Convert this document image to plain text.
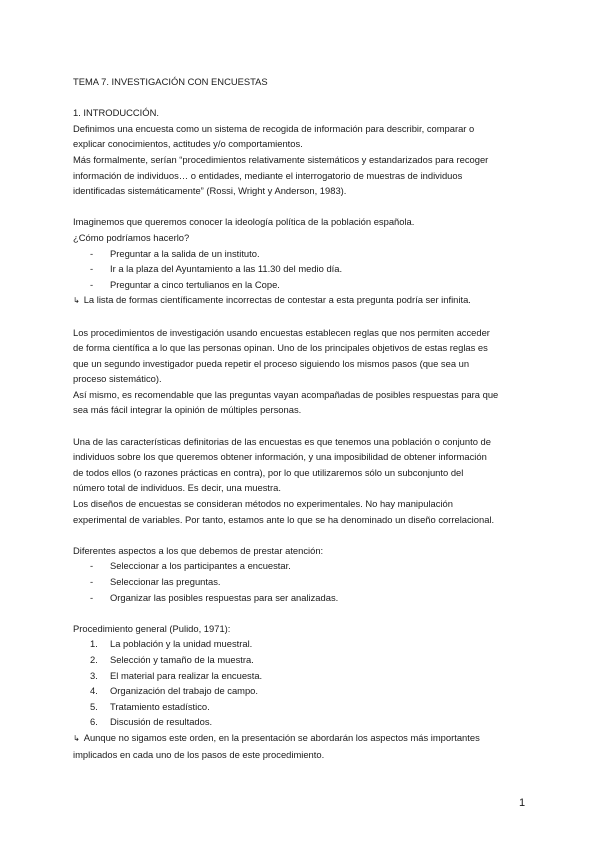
TEMA 7. INVESTIGACIÓN CON ENCUESTAS

1. INTRODUCCIÓN.

Definimos una encuesta como un sistema de recogida de información para describir, comparar o

explicar conocimientos, actitudes y/o comportamientos.

Más formalmente, serían “procedimientos relativamente sistemáticos y estandarizados para recoger

información de individuos… o entidades, mediante el interrogatorio de muestras de individuos

identificadas sistemáticamente” (Rossi, Wright y Anderson, 1983).

Imaginemos que queremos conocer la ideología política de la población española.

¿Cómo podríamos hacerlo?

- Preguntar a la salida de un instituto.
- Ir a la plaza del Ayuntamiento a las 11.30 del medio día.
- Preguntar a cinco tertulianos en la Cope.

↳ La lista de formas científicamente incorrectas de contestar a esta pregunta podría ser infinita.

Los procedimientos de investigación usando encuestas establecen reglas que nos permiten acceder

de forma científica a lo que las personas opinan. Uno de los principales objetivos de estas reglas es

que un segundo investigador pueda repetir el proceso siguiendo los mismos pasos (que sea un

proceso sistemático).

Así mismo, es recomendable que las preguntas vayan acompañadas de posibles respuestas para que

sea más fácil integrar la opinión de múltiples personas.

Una de las características definitorias de las encuestas es que tenemos una población o conjunto de

individuos sobre los que queremos obtener información, y una imposibilidad de obtener información

de todos ellos (o razones prácticas en contra), por lo que utilizaremos sólo un subconjunto del

número total de individuos. Es decir, una muestra.

Los diseños de encuestas se consideran métodos no experimentales. No hay manipulación

experimental de variables. Por tanto, estamos ante lo que se ha denominado un diseño correlacional.

Diferentes aspectos a los que debemos de prestar atención:

- Seleccionar a los participantes a encuestar.
- Seleccionar las preguntas.
- Organizar las posibles respuestas para ser analizadas.

Procedimiento general (Pulido, 1971):

1. La población y la unidad muestral.
2. Selección y tamaño de la muestra.
3. El material para realizar la encuesta.
4. Organización del trabajo de campo.
5. Tratamiento estadístico.
6. Discusión de resultados.

↳ Aunque no sigamos este orden, en la presentación se abordarán los aspectos más importantes

implicados en cada uno de los pasos de este procedimiento.

1
